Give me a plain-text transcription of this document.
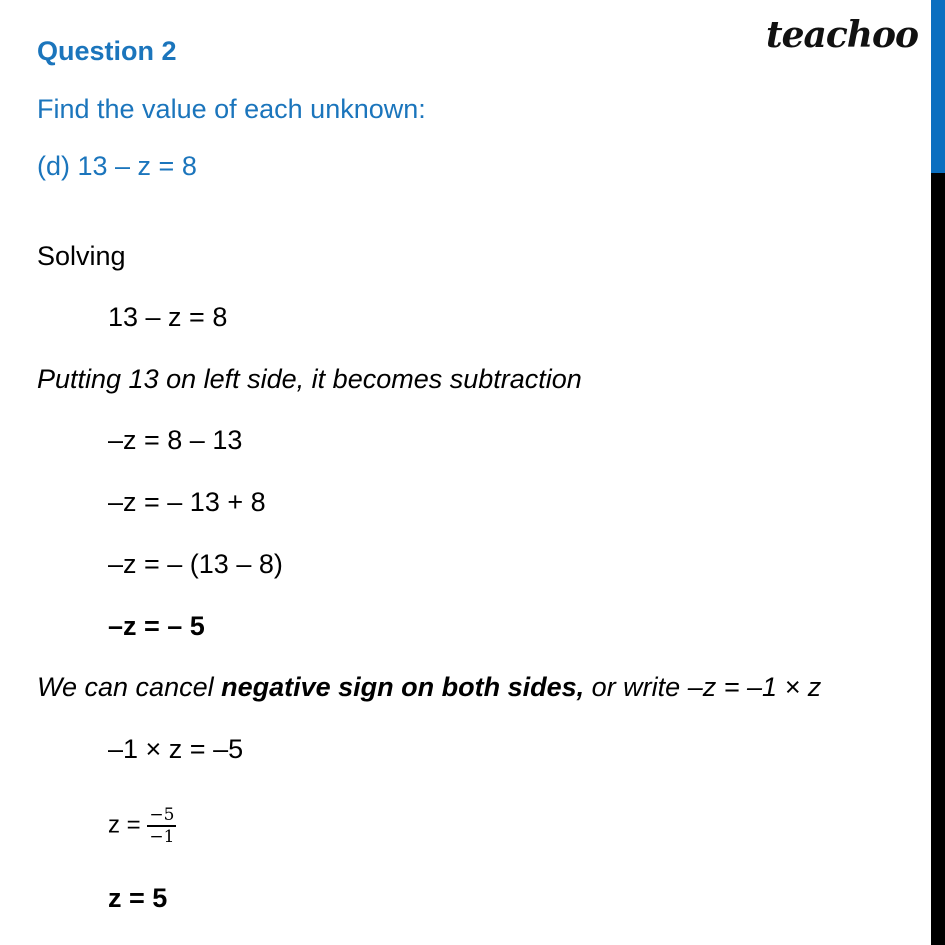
teachoo
Question 2
Find the value of each unknown:
(d) 13 – z = 8
Solving
13 – z = 8
Putting 13 on left side, it becomes subtraction
–z = 8 – 13
–z = – 13 + 8
–z = – (13 – 8)
–z = – 5
We can cancel negative sign on both sides, or write –z = –1 × z
–1 × z = –5
$z = \frac{-5}{-1}$
z = 5
